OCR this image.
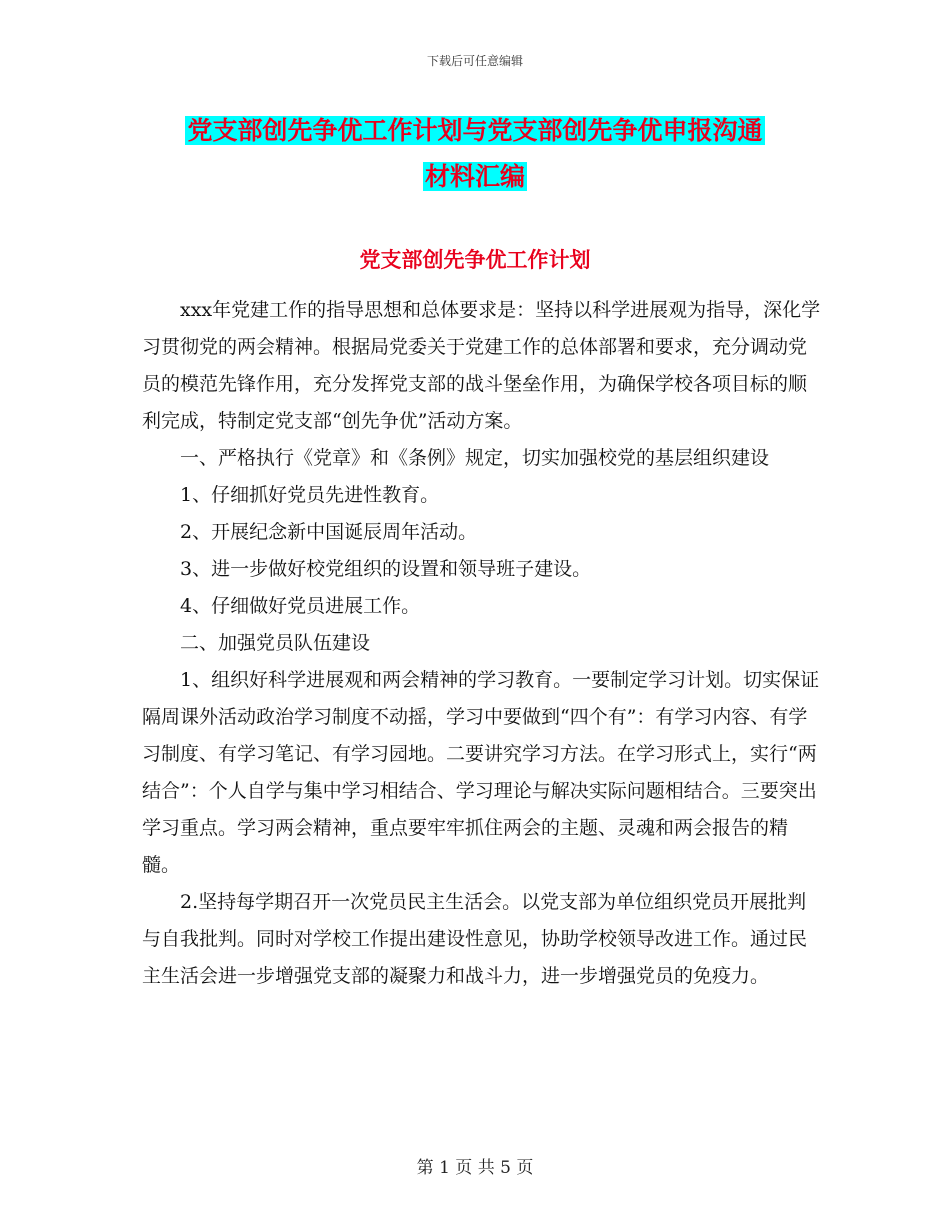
下载后可任意编辑
党支部创先争优工作计划与党支部创先争优申报沟通
材料汇编
党支部创先争优工作计划

xxx年党建工作的指导思想和总体要求是：坚持以科学进展观为指导，深化学习贯彻党的两会精神。根据局党委关于党建工作的总体部署和要求，充分调动党员的模范先锋作用，充分发挥党支部的战斗堡垒作用，为确保学校各项目标的顺利完成，特制定党支部“创先争优”活动方案。

一、严格执行《党章》和《条例》规定，切实加强校党的基层组织建设

1、仔细抓好党员先进性教育。

2、开展纪念新中国诞辰周年活动。

3、进一步做好校党组织的设置和领导班子建设。

4、仔细做好党员进展工作。

二、加强党员队伍建设

1、组织好科学进展观和两会精神的学习教育。一要制定学习计划。切实保证隔周课外活动政治学习制度不动摇，学习中要做到“四个有”：有学习内容、有学习制度、有学习笔记、有学习园地。二要讲究学习方法。在学习形式上，实行“两结合”：个人自学与集中学习相结合、学习理论与解决实际问题相结合。三要突出学习重点。学习两会精神，重点要牢牢抓住两会的主题、灵魂和两会报告的精髓。

2.坚持每学期召开一次党员民主生活会。以党支部为单位组织党员开展批判与自我批判。同时对学校工作提出建设性意见，协助学校领导改进工作。通过民主生活会进一步增强党支部的凝聚力和战斗力，进一步增强党员的免疫力。

第 1 页 共 5 页
